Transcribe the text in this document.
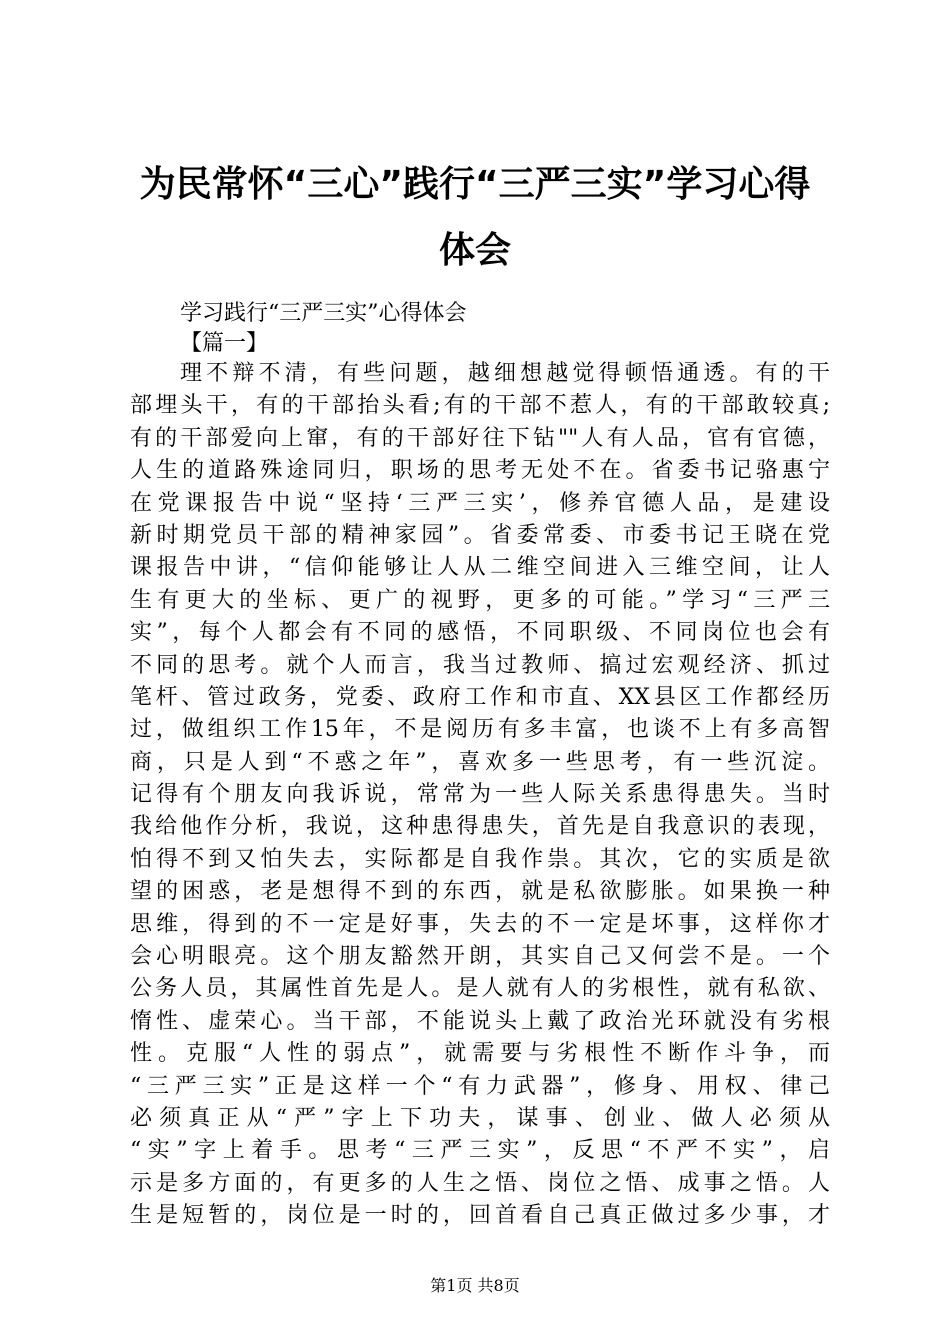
为民常怀“三心”践行“三严三实”学习心得
体会
学习践行“三严三实”心得体会
【篇一】
理不辩不清，有些问题，越细想越觉得顿悟通透。有的干
部埋头干，有的干部抬头看;有的干部不惹人，有的干部敢较真;
有的干部爱向上窜，有的干部好往下钻""人有人品，官有官德，
人生的道路殊途同归，职场的思考无处不在。省委书记骆惠宁
在党课报告中说“坚持‘三严三实’，修养官德人品，是建设
新时期党员干部的精神家园”。省委常委、市委书记王晓在党
课报告中讲，“信仰能够让人从二维空间进入三维空间，让人
生有更大的坐标、更广的视野，更多的可能。”学习“三严三
实”，每个人都会有不同的感悟，不同职级、不同岗位也会有
不同的思考。就个人而言，我当过教师、搞过宏观经济、抓过
笔杆、管过政务，党委、政府工作和市直、XX县区工作都经历
过，做组织工作15年，不是阅历有多丰富，也谈不上有多高智
商，只是人到“不惑之年”，喜欢多一些思考，有一些沉淀。
记得有个朋友向我诉说，常常为一些人际关系患得患失。当时
我给他作分析，我说，这种患得患失，首先是自我意识的表现，
怕得不到又怕失去，实际都是自我作祟。其次，它的实质是欲
望的困惑，老是想得不到的东西，就是私欲膨胀。如果换一种
思维，得到的不一定是好事，失去的不一定是坏事，这样你才
会心明眼亮。这个朋友豁然开朗，其实自己又何尝不是。一个
公务人员，其属性首先是人。是人就有人的劣根性，就有私欲、
惰性、虚荣心。当干部，不能说头上戴了政治光环就没有劣根
性。克服“人性的弱点”，就需要与劣根性不断作斗争，而
“三严三实”正是这样一个“有力武器”，修身、用权、律己
必须真正从“严”字上下功夫，谋事、创业、做人必须从
“实”字上着手。思考“三严三实”，反思“不严不实”，启
示是多方面的，有更多的人生之悟、岗位之悟、成事之悟。人
生是短暂的，岗位是一时的，回首看自己真正做过多少事，才
第1页 共8页
